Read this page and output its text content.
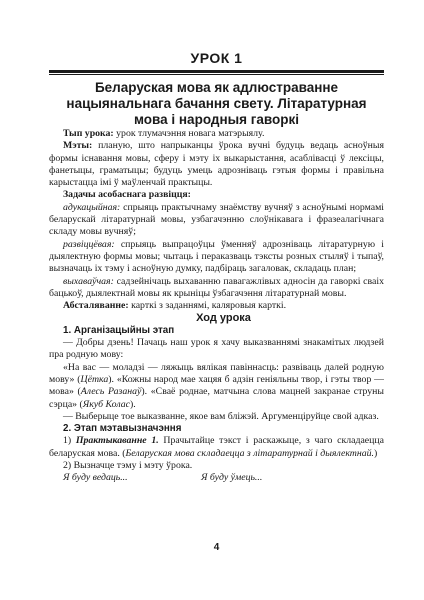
УРОК 1
Беларуская мова як адлюстраванне
нацыянальнага бачання свету. Літаратурная
мова і народныя гаворкі

Тып урока: урок тлумачэння новага матэрыялу.

Мэты: планую, што напрыканцы ўрока вучні будуць ведаць асноўныя формы існавання мовы, сферу і мэту іх выкарыстання, асаблівасці ў лексіцы, фанетыцы, граматыцы; будуць умець адрозніваць гэтыя формы і правільна карыстацца імі ў маўленчай практыцы.

Задачы асобаснага развіцця:

адукацыйная: спрыяць практычнаму знаёмству вучняў з асноўнымі нормамі беларускай літаратурнай мовы, узбагачэнню слоўнікавага і фразеалагічнага складу мовы вучняў;

развіццёвая: спрыяць выпрацоўцы ўменняў адрозніваць літаратурную і дыялектную формы мовы; чытаць і пераказваць тэксты розных стыляў і тыпаў, вызначаць іх тэму і асноўную думку, падбіраць загаловак, складаць план;

выхаваўчая: садзейнічаць выхаванню павагажлівых адносін да гаворкі сваіх бацькоў, дыялектнай мовы як крыніцы ўзбагачэння літаратурнай мовы.

Абсталяванне: карткі з заданнямі, каляровыя карткі.

Ход урока

1. Арганізацыйны этап

— Добры дзень! Пачаць наш урок я хачу выказваннямі знакамітых людзей пра родную мову:

«На вас — моладзі — ляжыць вялікая павіннасць: развіваць далей родную мову» (Цётка). «Кожны народ мае хацяя б адзін геніяльны твор, і гэты твор — мова» (Алесь Разанаў). «Сваё роднае, матчына слова мацней закранае струны сэрца» (Якуб Колас).

— Выберыце тое выказванне, якое вам бліжэй. Аргуменціруйце свой адказ.

2. Этап мэтавызначэння

1) Практыкаванне 1. Прачытайце тэкст і раскажыце, з чаго складаецца беларуская мова. (Беларуская мова складаецца з літаратурнай і дыялектнай.)

2) Вызначце тэму і мэту ўрока.

Я буду ведаць...	Я буду ўмець...
4
